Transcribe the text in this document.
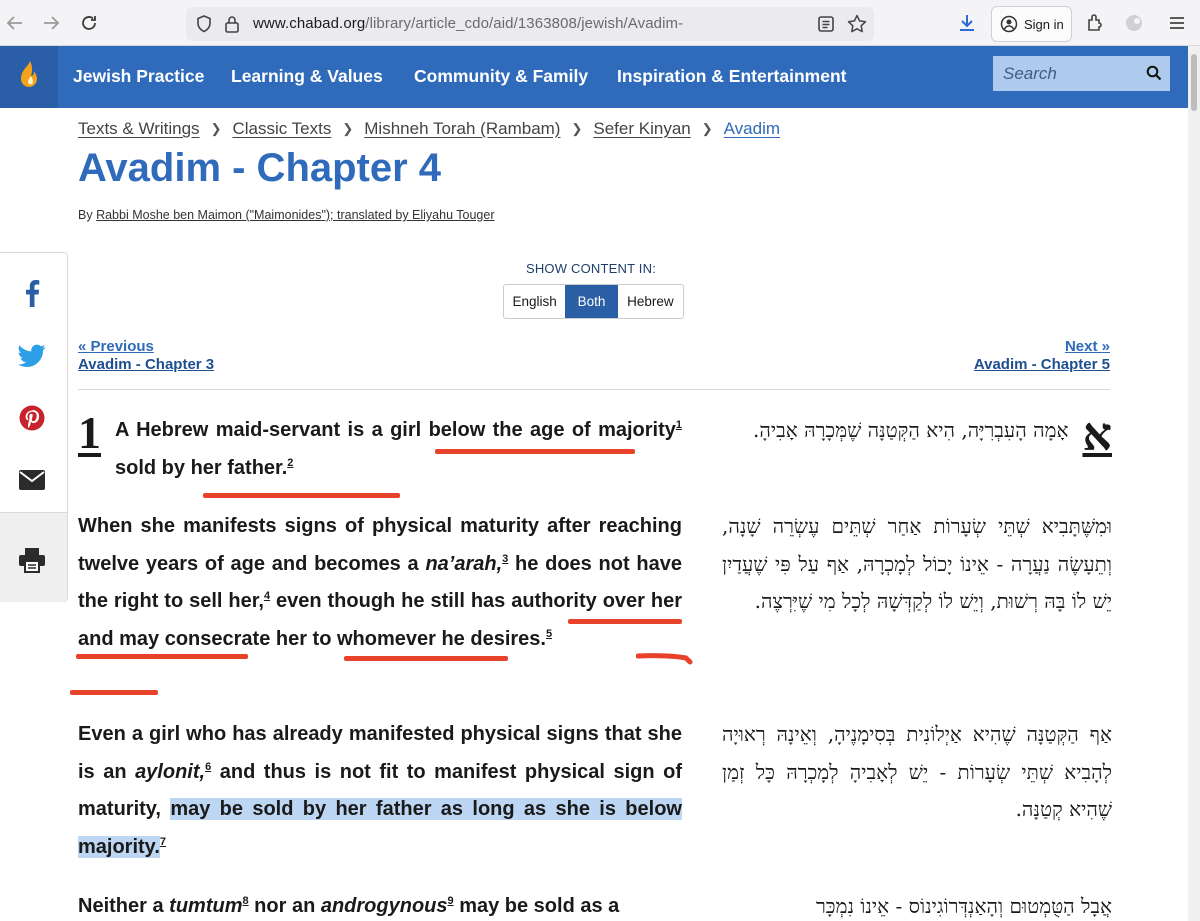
www.chabad.org/library/article_cdo/aid/1363808/jewish/Avadim-	Sign in
Jewish Practice Learning & Values Community & Family Inspiration & Entertainment
Search
Texts & Writings ❯ Classic Texts ❯ Mishneh Torah (Rambam) ❯ Sefer Kinyan ❯ Avadim
Avadim - Chapter 4
By Rabbi Moshe ben Maimon ("Maimonides"); translated by Eliyahu Touger
SHOW CONTENT IN:
English	Both	Hebrew
« Previous
Avadim - Chapter 3
Next »
Avadim - Chapter 5
1 A Hebrew maid-servant is a girl below the age of majority$^1$ sold by her father.$^2$
When she manifests signs of physical maturity after reaching twelve years of age and becomes a na’arah,$^3$ he does not have the right to sell her,$^4$ even though he still has authority over her and may consecrate her to whomever he desires.$^5$
Even a girl who has already manifested physical signs that she is an aylonit,$^6$ and thus is not fit to manifest physical sign of maturity, may be sold by her father as long as she is below majority.$^7$
Neither a tumtum$^8$ nor an androgynous$^9$ may be sold as a
א
אָמָה הָעִבְרִיָּה, הִיא הַקְּטַנָּה שֶׁמְּכָרָהּ אָבִיהָ.
וּמִשֶּׁתָּבִיא שְׁתֵּי שְׂעָרוֹת אַחַר שְׁתֵּים עֶשְׂרֵה שָׁנָה, וְתֵעָשֶׂה נַעֲרָה - אֵינוֹ יָכוֹל לְמָכְרָהּ, אַף עַל פִּי שֶׁעֲדַיִן יֵשׁ לוֹ בָּהּ רְשׁוּת, וְיֵשׁ לוֹ לְקַדְּשָׁהּ לְכָל מִי שֶׁיִּרְצֶה.
אַף הַקְּטַנָּה שֶׁהִיא אַיְלוֹנִית בְּסִימָנֶיהָ, וְאֵינָהּ רְאוּיָה לְהָבִיא שְׁתֵּי שְׂעָרוֹת - יֵשׁ לְאָבִיהָ לְמָכְרָהּ כָּל זְמַן שֶׁהִיא קְטַנָּה.
אֲבָל הַטֻּמְטוּם וְהָאַנְדְּרוֹגִינוֹס - אֵינוֹ נִמְכָּר
